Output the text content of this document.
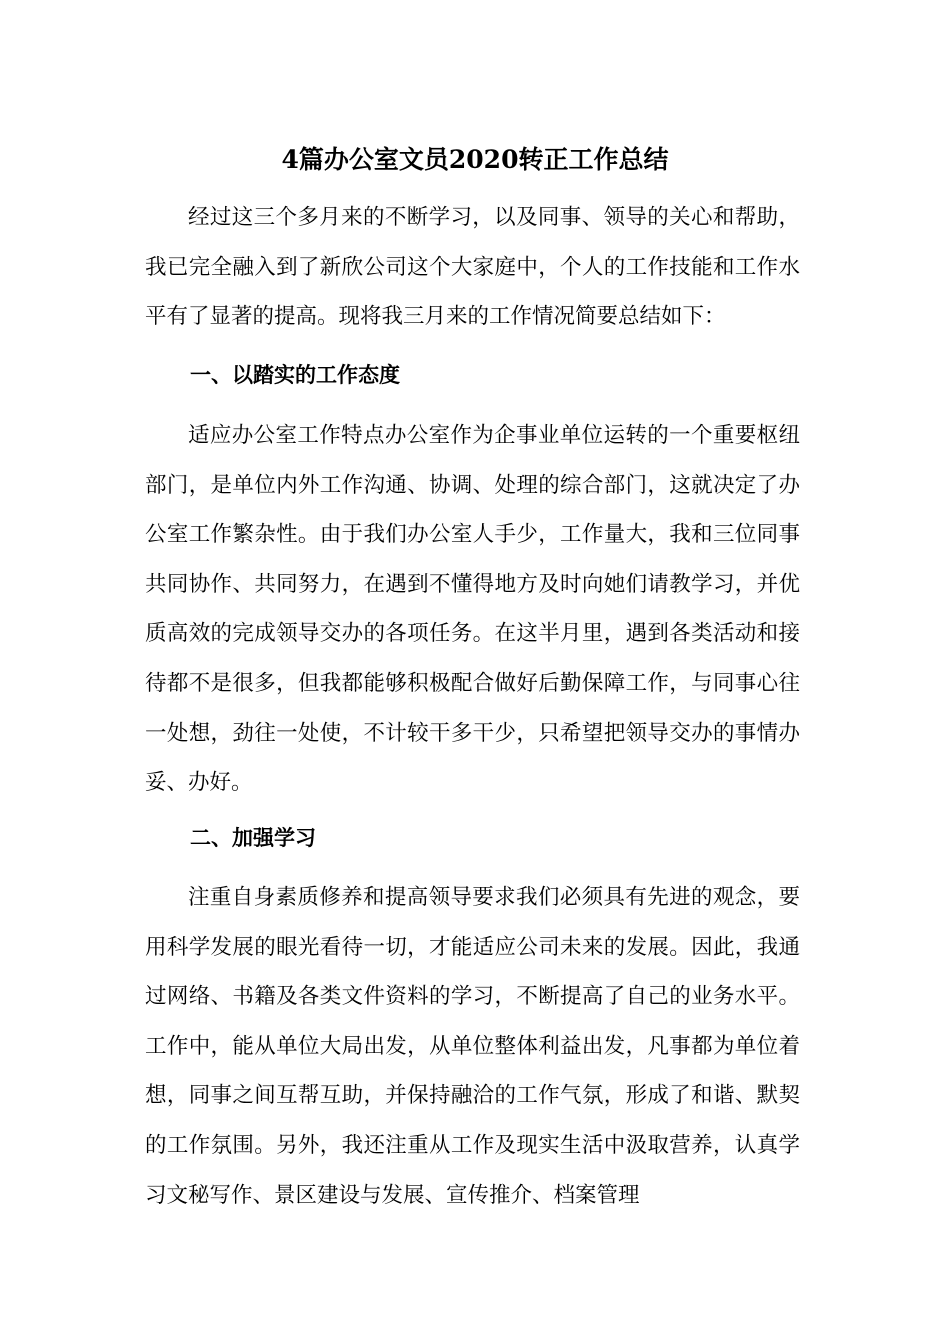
4篇办公室文员2020转正工作总结

经过这三个多月来的不断学习，以及同事、领导的关心和帮助，我已完全融入到了新欣公司这个大家庭中，个人的工作技能和工作水平有了显著的提高。现将我三月来的工作情况简要总结如下：

一、以踏实的工作态度

适应办公室工作特点办公室作为企事业单位运转的一个重要枢纽部门，是单位内外工作沟通、协调、处理的综合部门，这就决定了办公室工作繁杂性。由于我们办公室人手少，工作量大，我和三位同事共同协作、共同努力，在遇到不懂得地方及时向她们请教学习，并优质高效的完成领导交办的各项任务。在这半月里，遇到各类活动和接待都不是很多，但我都能够积极配合做好后勤保障工作，与同事心往一处想，劲往一处使，不计较干多干少，只希望把领导交办的事情办妥、办好。

二、加强学习

注重自身素质修养和提高领导要求我们必须具有先进的观念，要用科学发展的眼光看待一切，才能适应公司未来的发展。因此，我通过网络、书籍及各类文件资料的学习，不断提高了自己的业务水平。工作中，能从单位大局出发，从单位整体利益出发，凡事都为单位着想，同事之间互帮互助，并保持融洽的工作气氛，形成了和谐、默契的工作氛围。另外，我还注重从工作及现实生活中汲取营养，认真学习文秘写作、景区建设与发展、宣传推介、档案管理
